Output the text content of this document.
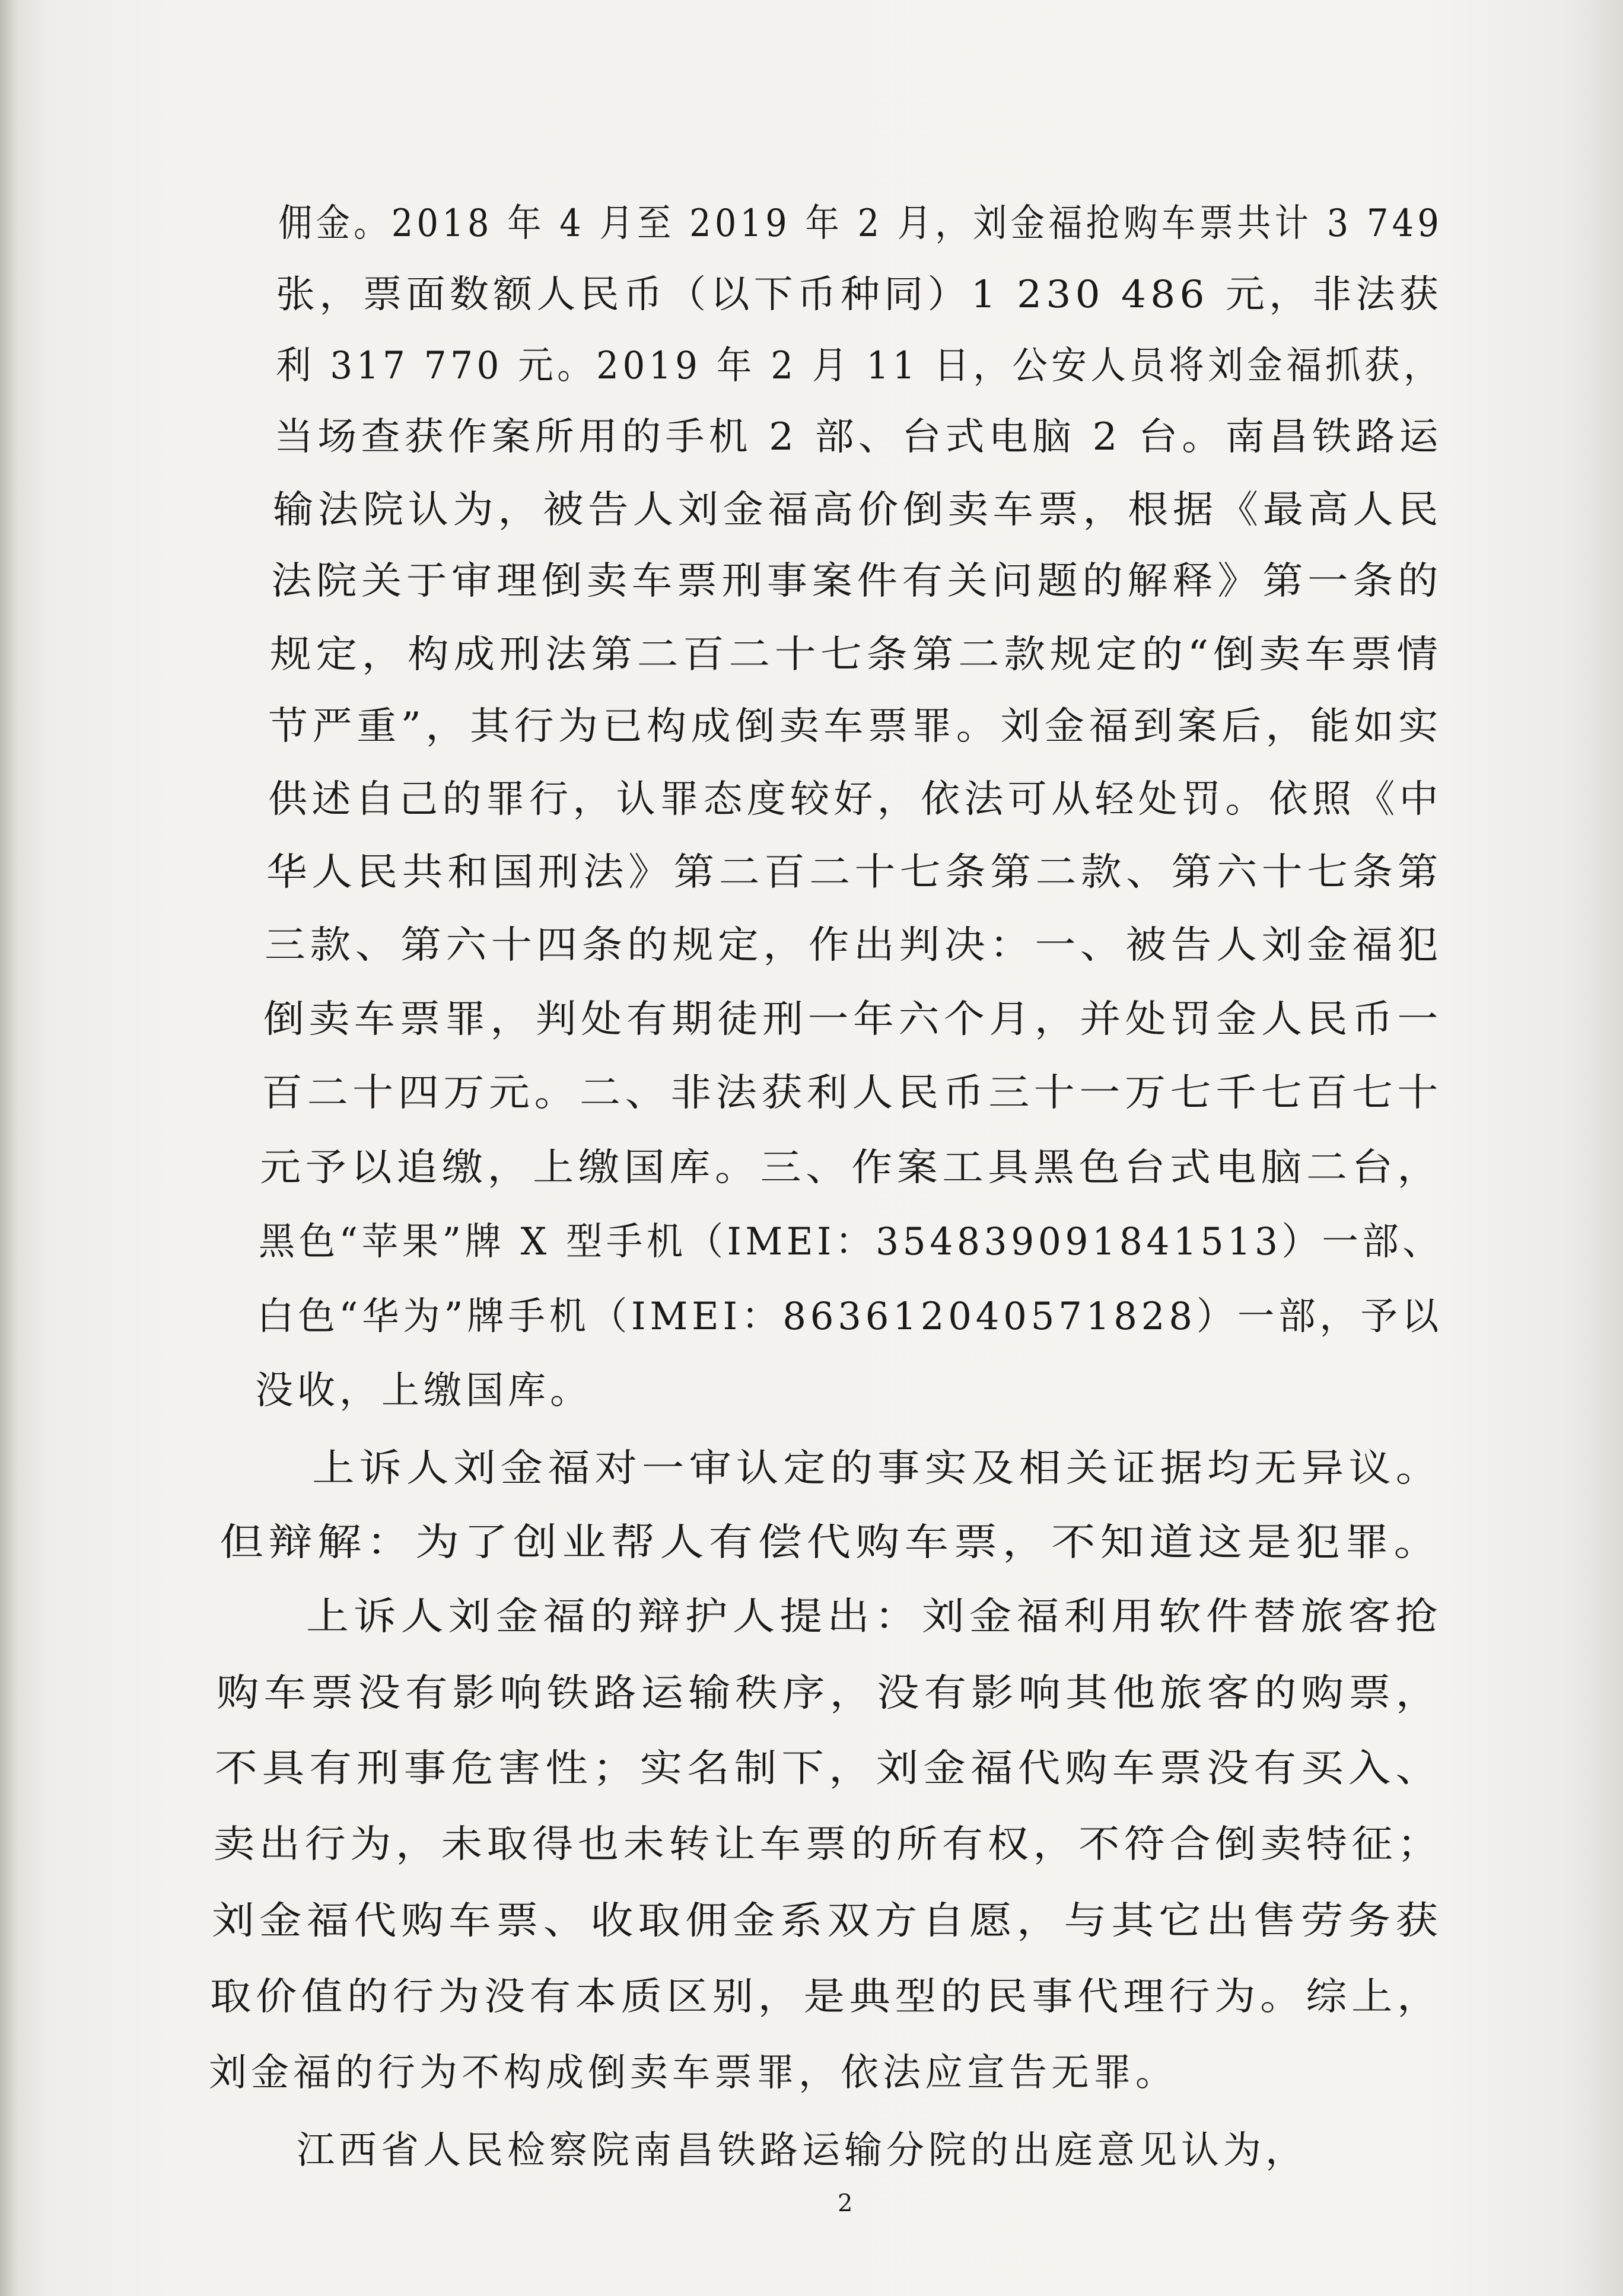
佣金。2018 年 4 月至 2019 年 2 月，刘金福抢购车票共计 3 749
张，票面数额人民币（以下币种同）1 230 486 元，非法获
利 317 770 元。2019 年 2 月 11 日，公安人员将刘金福抓获，
当场查获作案所用的手机 2 部、台式电脑 2 台。南昌铁路运
输法院认为，被告人刘金福高价倒卖车票，根据《最高人民
法院关于审理倒卖车票刑事案件有关问题的解释》第一条的
规定，构成刑法第二百二十七条第二款规定的“倒卖车票情
节严重”，其行为已构成倒卖车票罪。刘金福到案后，能如实
供述自己的罪行，认罪态度较好，依法可从轻处罚。依照《中
华人民共和国刑法》第二百二十七条第二款、第六十七条第
三款、第六十四条的规定，作出判决：一、被告人刘金福犯
倒卖车票罪，判处有期徒刑一年六个月，并处罚金人民币一
百二十四万元。二、非法获利人民币三十一万七千七百七十
元予以追缴，上缴国库。三、作案工具黑色台式电脑二台，
黑色“苹果”牌 X 型手机（IMEI：354839091841513）一部、
白色“华为”牌手机（IMEI：863612040571828）一部，予以
没收，上缴国库。
上诉人刘金福对一审认定的事实及相关证据均无异议。
但辩解：为了创业帮人有偿代购车票，不知道这是犯罪。
上诉人刘金福的辩护人提出：刘金福利用软件替旅客抢
购车票没有影响铁路运输秩序，没有影响其他旅客的购票，
不具有刑事危害性；实名制下，刘金福代购车票没有买入、
卖出行为，未取得也未转让车票的所有权，不符合倒卖特征；
刘金福代购车票、收取佣金系双方自愿，与其它出售劳务获
取价值的行为没有本质区别，是典型的民事代理行为。综上，
刘金福的行为不构成倒卖车票罪，依法应宣告无罪。
江西省人民检察院南昌铁路运输分院的出庭意见认为，
2
